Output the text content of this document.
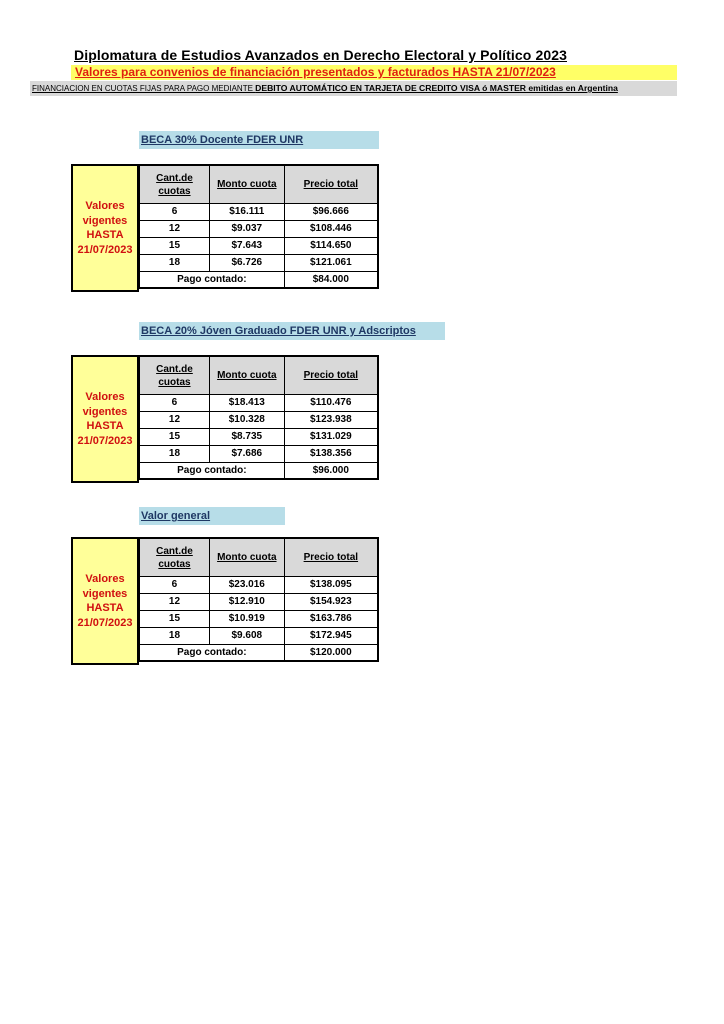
Diplomatura de Estudios Avanzados en Derecho Electoral y Político 2023
Valores para convenios de financiación presentados y facturados HASTA 21/07/2023
FINANCIACION EN CUOTAS FIJAS PARA PAGO MEDIANTE DEBITO AUTOMÁTICO EN TARJETA DE CREDITO VISA ó MASTER emitidas en Argentina
BECA 30% Docente FDER UNR
Valores
vigentes
HASTA
21/07/2023
Cant.de
cuotas	Monto cuota	Precio total
6	$16.111	$96.666
12	$9.037	$108.446
15	$7.643	$114.650
18	$6.726	$121.061
Pago contado:		$84.000
BECA 20% Jóven Graduado FDER UNR y Adscriptos
Valores
vigentes
HASTA
21/07/2023
Cant.de
cuotas	Monto cuota	Precio total
6	$18.413	$110.476
12	$10.328	$123.938
15	$8.735	$131.029
18	$7.686	$138.356
Pago contado:		$96.000
Valor general
Valores
vigentes
HASTA
21/07/2023
Cant.de
cuotas	Monto cuota	Precio total
6	$23.016	$138.095
12	$12.910	$154.923
15	$10.919	$163.786
18	$9.608	$172.945
Pago contado:		$120.000
